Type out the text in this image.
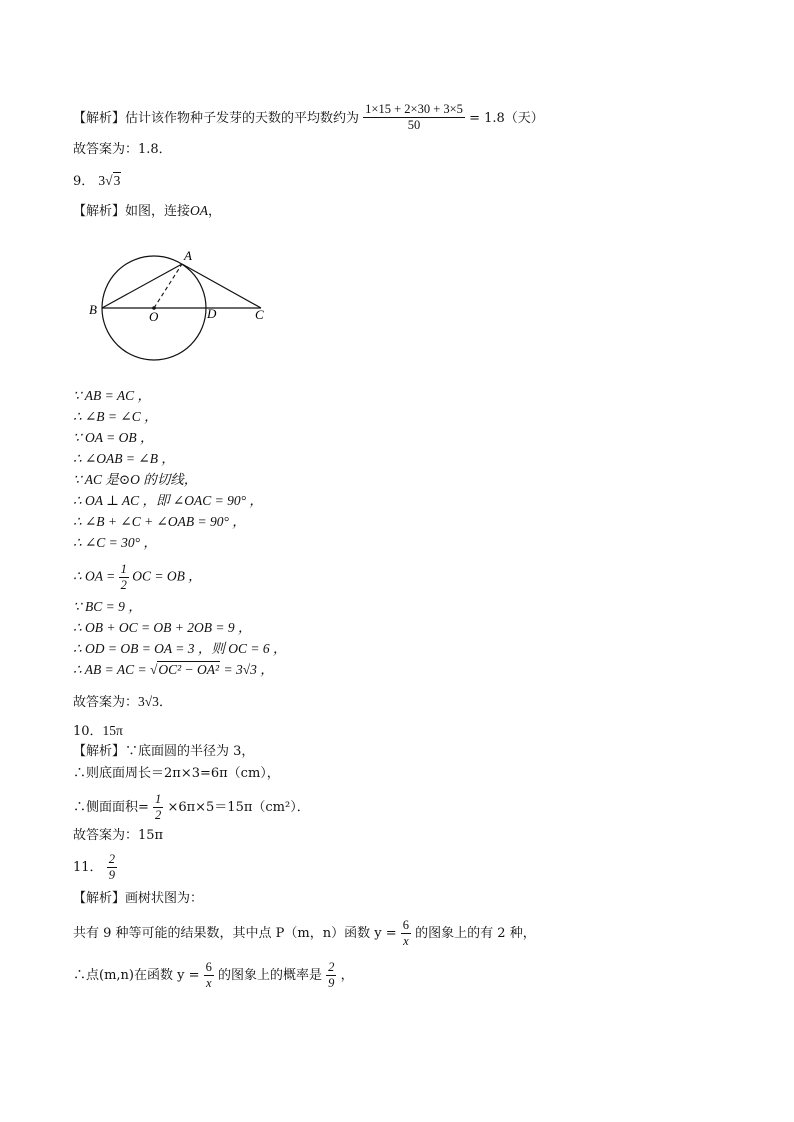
【解析】估计该作物种子发芽的天数的平均数约为 $\frac{1\times 15 + 2\times 30 + 3\times 5}{50} = 1.8$（天）
故答案为：1.8．
9． 3√3
【解析】如图，连接OA，
A
B	O	D	C
∵ AB = AC ，
∴ ∠B = ∠C ，
∵ OA = OB ，
∴ ∠OAB = ∠B ，
∵ AC 是⊙O 的切线，
∴ OA ⊥ AC ，即 ∠OAC = 90° ，
∴ ∠B + ∠C + ∠OAB = 90° ，
∴ ∠C = 30° ，
∴ OA = $\frac{1}{2}$ OC = OB ，
∵ BC = 9 ，
∴ OB + OC = OB + 2OB = 9 ，
∴ OD = OB = OA = 3 ，则 OC = 6 ，
∴ AB = AC = √OC² − OA² = 3√3 ，
故答案为：3√3．
10．15π
【解析】∵底面圆的半径为 3，
∴则底面周长＝2π×3=6π（cm），
∴侧面面积= $\frac{1}{2} \times 6\pi\times 5=15\pi(cm^2)$．
故答案为：15π
11． $\frac{2}{9}$
【解析】画树状图为：
共有 9 种等可能的结果数，其中点 P（m，n）函数 $y = \frac{6}{x}$ 的图象上的有 2 种，
∴点(m,n)在函数 $y = \frac{6}{x}$ 的图象上的概率是 $\frac{2}{9}$ ，
